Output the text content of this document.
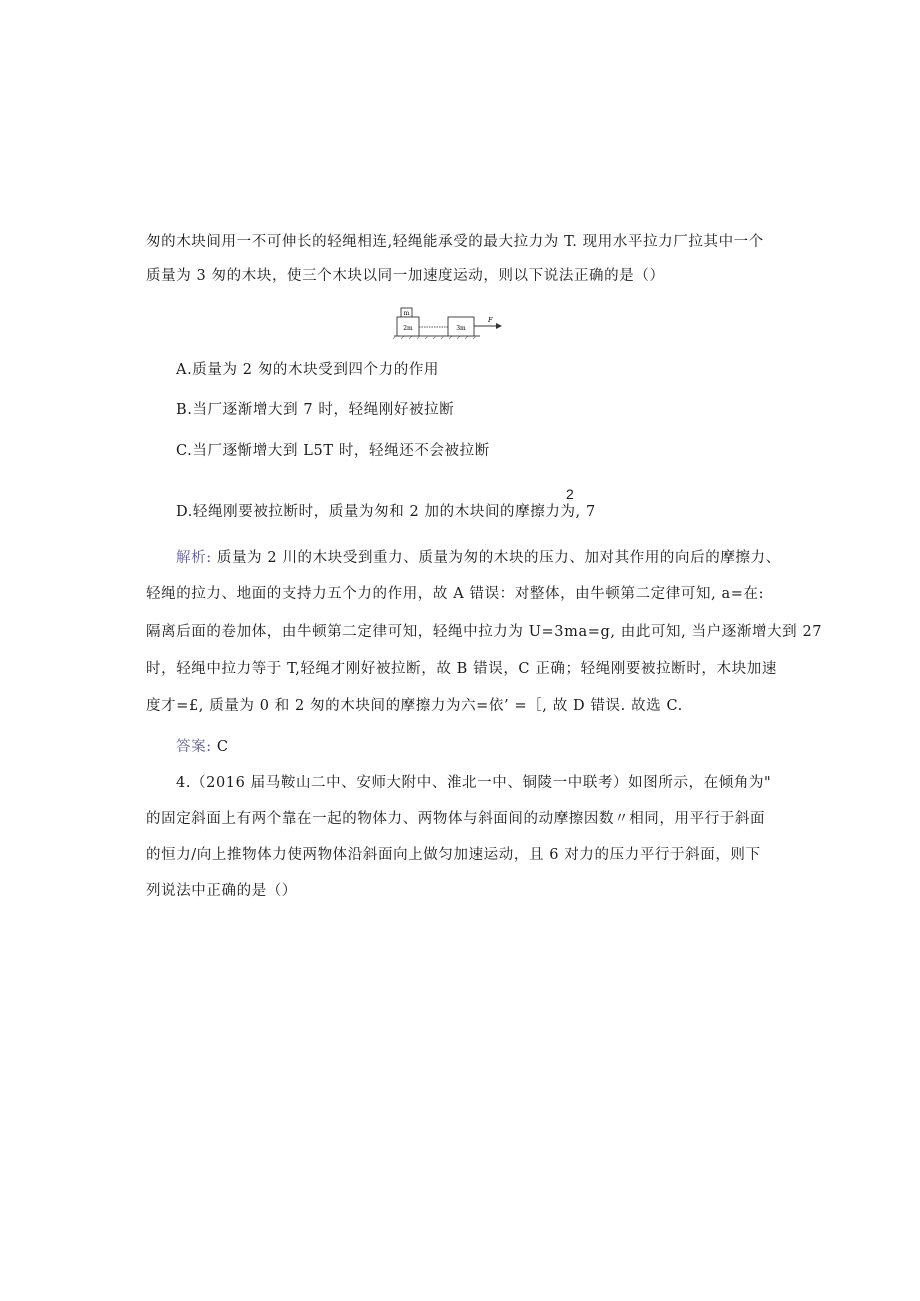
匆的木块间用一不可伸长的轻绳相连,轻绳能承受的最大拉力为 T. 现用水平拉力厂拉其中一个
质量为 3 匆的木块，使三个木块以同一加速度运动，则以下说法正确的是（）
m
2m	3m
F
A.质量为 2 匆的木块受到四个力的作用
B.当厂逐渐增大到 7 时，轻绳刚好被拉断
C.当厂逐惭增大到 L5T 时，轻绳还不会被拉断
2
D.轻绳刚要被拉断时，质量为匆和 2 加的木块间的摩擦力为, 7
解析: 质量为 2 川的木块受到重力、质量为匆的木块的压力、加对其作用的向后的摩擦力、
轻绳的拉力、地面的支持力五个力的作用，故 A 错误：对整体，由牛顿第二定律可知, a=在:
隔离后面的卷加体，由牛顿第二定律可知，轻绳中拉力为 U=3ma=g, 由此可知, 当户逐渐增大到 27
时，轻绳中拉力等于 T,轻绳才刚好被拉断，故 B 错误，C 正确；轻绳刚要被拉断时，木块加速
度才=£, 质量为 0 和 2 匆的木块间的摩擦力为六=依’ =［, 故 D 错误. 故选 C.
答案: C
4.（2016 届马鞍山二中、安师大附中、淮北一中、铜陵一中联考）如图所示，在倾角为"
的固定斜面上有两个靠在一起的物体力、两物体与斜面间的动摩擦因数〃相同，用平行于斜面
的恒力/向上推物体力使两物体沿斜面向上做匀加速运动，且 6 对力的压力平行于斜面，则下
列说法中正确的是（）
